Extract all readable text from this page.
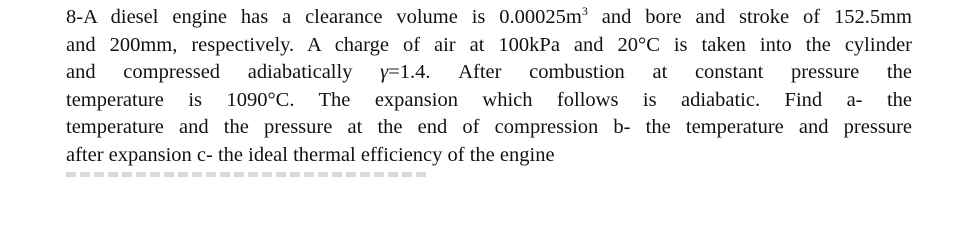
8-A diesel engine has a clearance volume is $0.00025m^3$ and bore and stroke of 152.5mm
and 200mm, respectively. A charge of air at 100kPa and 20°C is taken into the cylinder
and compressed adiabatically γ=1.4. After combustion at constant pressure the
temperature is 1090°C. The expansion which follows is adiabatic. Find a- the
temperature and the pressure at the end of compression b- the temperature and pressure
after expansion c- the ideal thermal efficiency of the engine
